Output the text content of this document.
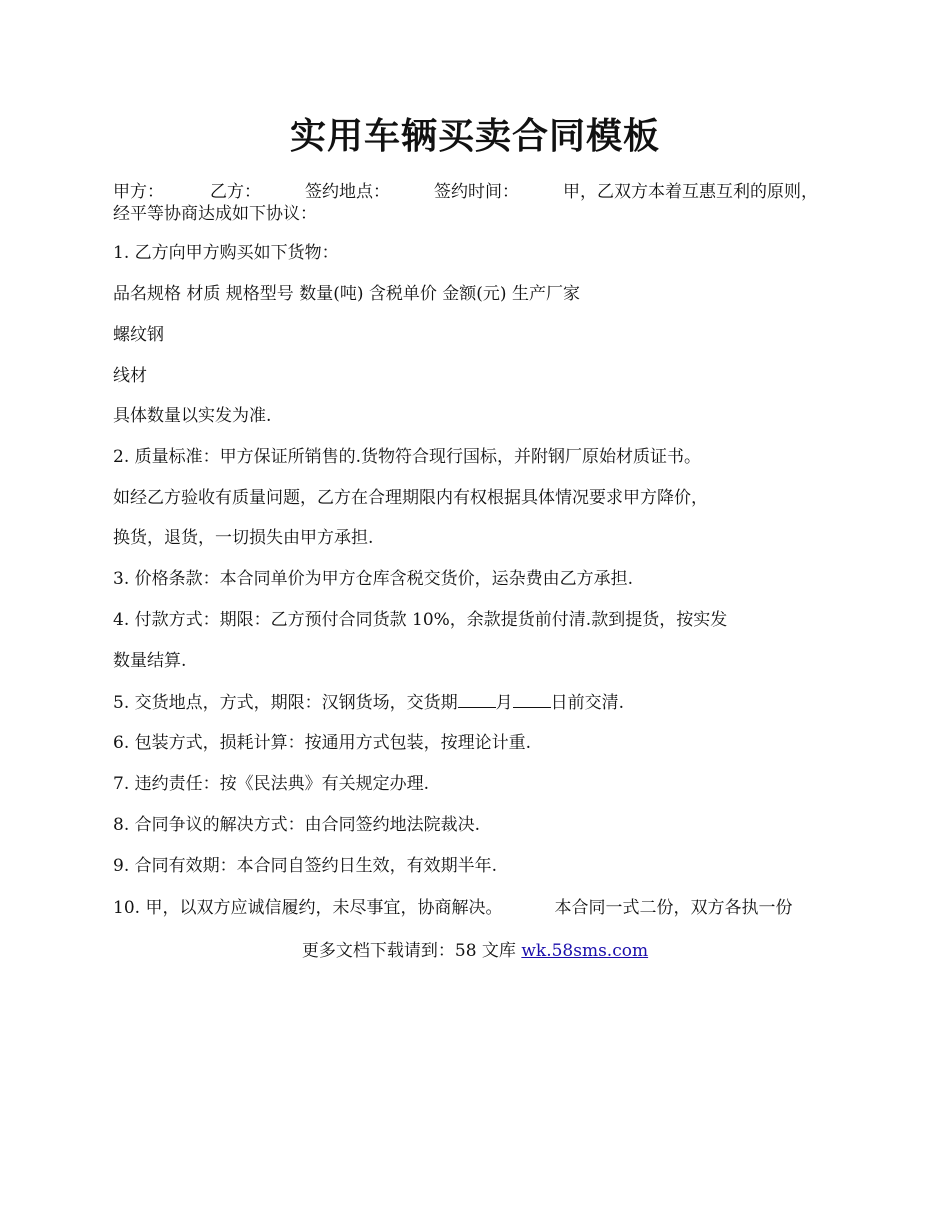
实用车辆买卖合同模板

甲方：	乙方：	签约地点：	签约时间：	甲，乙双方本着互惠互利的原则，
经平等协商达成如下协议：

1. 乙方向甲方购买如下货物：

品名规格 材质 规格型号 数量(吨) 含税单价 金额(元) 生产厂家

螺纹钢

线材

具体数量以实发为准.

2. 质量标准：甲方保证所销售的.货物符合现行国标，并附钢厂原始材质证书。

如经乙方验收有质量问题，乙方在合理期限内有权根据具体情况要求甲方降价，

换货，退货，一切损失由甲方承担.

3. 价格条款：本合同单价为甲方仓库含税交货价，运杂费由乙方承担.

4. 付款方式：期限：乙方预付合同货款 10%，余款提货前付清.款到提货，按实发

数量结算.

5. 交货地点，方式，期限：汉钢货场，交货期 月 日前交清.

6. 包装方式，损耗计算：按通用方式包装，按理论计重.

7. 违约责任：按《民法典》有关规定办理.

8. 合同争议的解决方式：由合同签约地法院裁决.

9. 合同有效期：本合同自签约日生效，有效期半年.

10. 甲，以双方应诚信履约，未尽事宜，协商解决。	本合同一式二份，双方各执一份

更多文档下载请到：58 文库 wk.58sms.com
